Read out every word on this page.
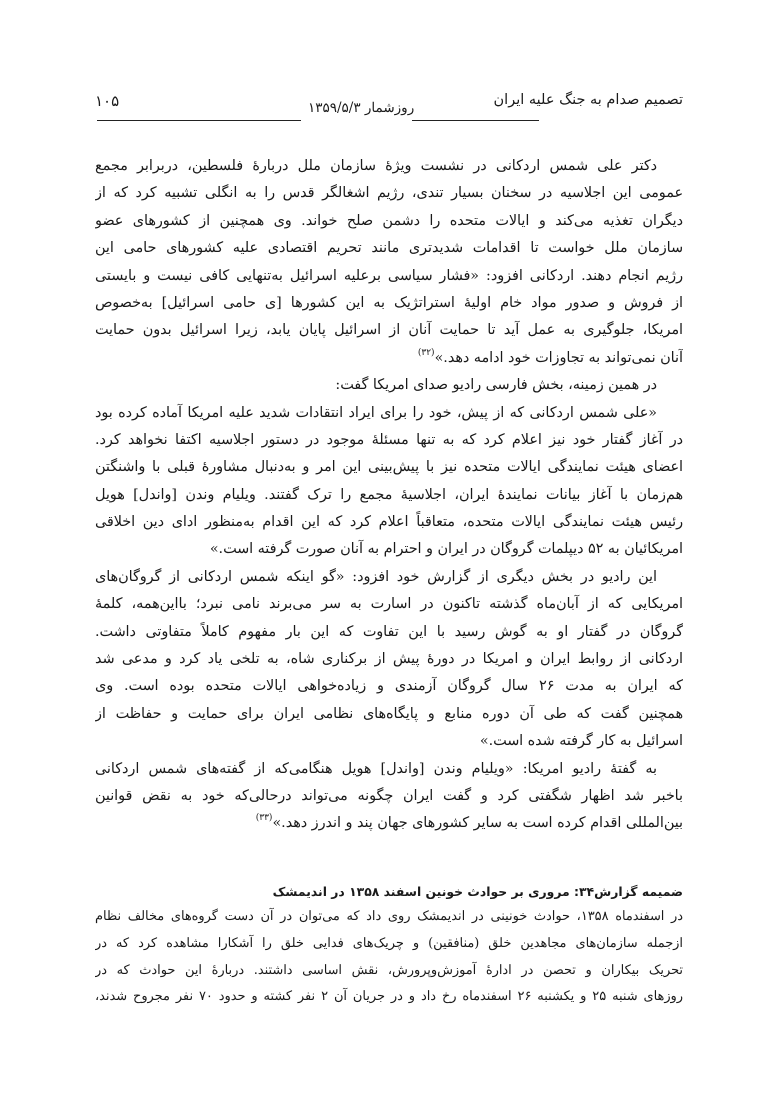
تصمیم صدام به جنگ علیه ایران
روزشمار ۱۳۵۹/۵/۳
۱۰۵
دکتر علی شمس اردکانی در نشست ویژهٔ سازمان ملل دربارهٔ فلسطین، دربرابر مجمع
عمومی این اجلاسیه در سخنان بسیار تندی، رژیم اشغالگر قدس را به انگلی تشبیه کرد که از
دیگران تغذیه می‌کند و ایالات متحده را دشمن صلح خواند. وی همچنین از کشورهای عضو
سازمان ملل خواست تا اقدامات شدیدتری مانند تحریم اقتصادی علیه کشورهای حامی این
رژیم انجام دهند. اردکانی افزود: «فشار سیاسی برعلیه اسرائیل به‌تنهایی کافی نیست و بایستی
از فروش و صدور مواد خام اولیهٔ استراتژیک به این کشورها [ی حامی اسرائیل] به‌خصوص
امریکا، جلوگیری به عمل آید تا حمایت آنان از اسرائیل پایان یابد، زیرا اسرائیل بدون حمایت
آنان نمی‌تواند به تجاوزات خود ادامه دهد.»$^{(۳۲)}$
در همین زمینه، بخش فارسی رادیو صدای امریکا گفت:
«علی شمس اردکانی که از پیش، خود را برای ایراد انتقادات شدید علیه امریکا آماده کرده بود
در آغاز گفتار خود نیز اعلام کرد که به تنها مسئلهٔ موجود در دستور اجلاسیه اکتفا نخواهد کرد.
اعضای هیئت نمایندگی ایالات متحده نیز با پیش‌بینی این امر و به‌دنبال مشاورهٔ قبلی با واشنگتن
هم‌زمان با آغاز بیانات نمایندهٔ ایران، اجلاسیهٔ مجمع را ترک گفتند. ویلیام وندن [واندل] هویل
رئیس هیئت نمایندگی ایالات متحده، متعاقباً اعلام کرد که این اقدام به‌منظور ادای دین اخلاقی
امریکائیان به ۵۲ دیپلمات گروگان در ایران و احترام به آنان صورت گرفته است.»
این رادیو در بخش دیگری از گزارش خود افزود: «گو اینکه شمس اردکانی از گروگان‌های
امریکایی که از آبان‌ماه گذشته تاکنون در اسارت به سر می‌برند نامی نبرد؛ بااین‌همه، کلمهٔ
گروگان در گفتار او به گوش رسید با این تفاوت که این بار مفهوم کاملاً متفاوتی داشت.
اردکانی از روابط ایران و امریکا در دورهٔ پیش از برکناری شاه، به تلخی یاد کرد و مدعی شد
که ایران به مدت ۲۶ سال گروگان آزمندی و زیاده‌خواهی ایالات متحده بوده است. وی
همچنین گفت که طی آن دوره منابع و پایگاه‌های نظامی ایران برای حمایت و حفاظت از
اسرائیل به کار گرفته شده است.»
به گفتهٔ رادیو امریکا: «ویلیام وندن [واندل] هویل هنگامی‌که از گفته‌های شمس اردکانی
باخبر شد اظهار شگفتی کرد و گفت ایران چگونه می‌تواند درحالی‌که خود به نقض قوانین
بین‌المللی اقدام کرده است به سایر کشورهای جهان پند و اندرز دهد.»$^{(۳۳)}$
ضمیمه گزارش۳۴: مروری بر حوادث خونین اسفند ۱۳۵۸ در اندیمشک
در اسفندماه ۱۳۵۸، حوادث خونینی در اندیمشک روی داد که می‌توان در آن دست گروه‌های مخالف نظام
ازجمله سازمان‌های مجاهدین خلق (منافقین) و چریک‌های فدایی خلق را آشکارا مشاهده کرد که در
تحریک بیکاران و تحصن در ادارهٔ آموزش‌وپرورش، نقش اساسی داشتند. دربارهٔ این حوادث که در
روزهای شنبه ۲۵ و یکشنبه ۲۶ اسفندماه رخ داد و در جریان آن ۲ نفر کشته و حدود ۷۰ نفر مجروح شدند،
